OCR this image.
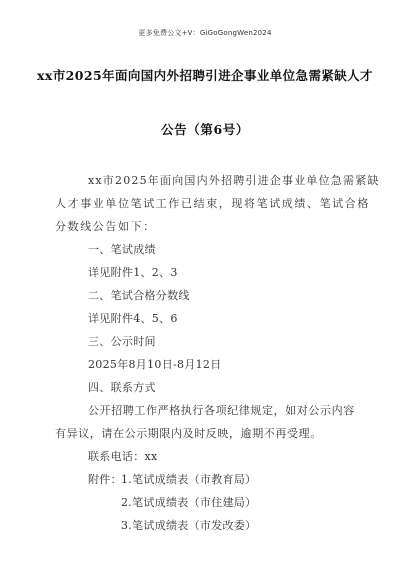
更多免费公文+V：GiGoGongWen2024
xx市2025年面向国内外招聘引进企事业单位急需紧缺人才
公告（第6号）
xx市2025年面向国内外招聘引进企事业单位急需紧缺
人才事业单位笔试工作已结束，现将笔试成绩、笔试合格
分数线公告如下：
一、笔试成绩
详见附件1、2、3
二、笔试合格分数线
详见附件4、5、6
三、公示时间
2025年8月10日-8月12日
四、联系方式
公开招聘工作严格执行各项纪律规定，如对公示内容
有异议，请在公示期限内及时反映，逾期不再受理。
联系电话：xx
附件： 1.笔试成绩表（市教育局）
2.笔试成绩表（市住建局）
3.笔试成绩表（市发改委）
